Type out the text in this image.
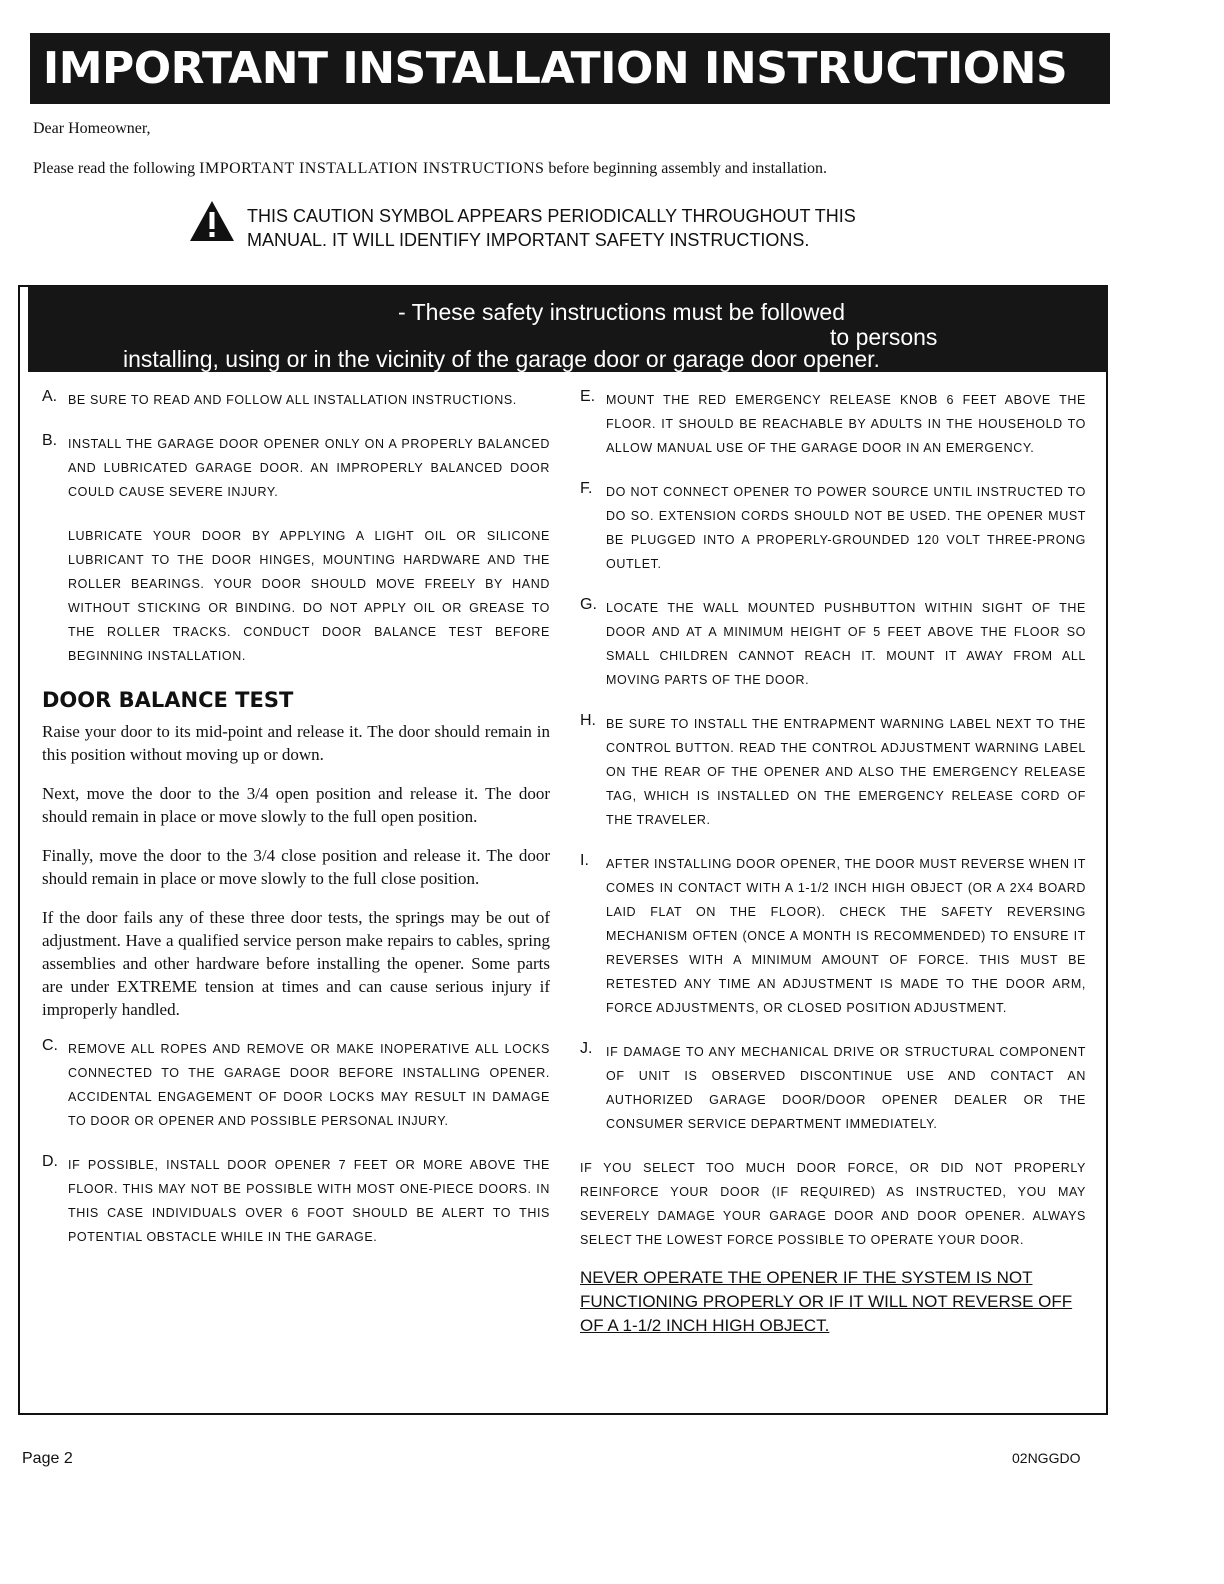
IMPORTANT INSTALLATION INSTRUCTIONS
Dear Homeowner,
Please read the following IMPORTANT INSTALLATION INSTRUCTIONS before beginning assembly and installation.
THIS CAUTION SYMBOL APPEARS PERIODICALLY THROUGHOUT THIS
MANUAL. IT WILL IDENTIFY IMPORTANT SAFETY INSTRUCTIONS.
- These safety instructions must be followed
to persons
installing, using or in the vicinity of the garage door or garage door opener.
A. BE SURE TO READ AND FOLLOW ALL INSTALLATION INSTRUCTIONS.
B. INSTALL THE GARAGE DOOR OPENER ONLY ON A PROPERLY BALANCED AND LUBRICATED GARAGE DOOR. AN IMPROPERLY BALANCED DOOR COULD CAUSE SEVERE INJURY.
LUBRICATE YOUR DOOR BY APPLYING A LIGHT OIL OR SILICONE LUBRICANT TO THE DOOR HINGES, MOUNTING HARDWARE AND THE ROLLER BEARINGS. YOUR DOOR SHOULD MOVE FREELY BY HAND WITHOUT STICKING OR BINDING. DO NOT APPLY OIL OR GREASE TO THE ROLLER TRACKS. CONDUCT DOOR BALANCE TEST BEFORE BEGINNING INSTALLATION.
DOOR BALANCE TEST

Raise your door to its mid-point and release it. The door should remain in this position without moving up or down.

Next, move the door to the 3/4 open position and release it. The door should remain in place or move slowly to the full open position.

Finally, move the door to the 3/4 close position and release it. The door should remain in place or move slowly to the full close position.

If the door fails any of these three door tests, the springs may be out of adjustment. Have a qualified service person make repairs to cables, spring assemblies and other hardware before installing the opener. Some parts are under EXTREME tension at times and can cause serious injury if improperly handled.

C. REMOVE ALL ROPES AND REMOVE OR MAKE INOPERATIVE ALL LOCKS CONNECTED TO THE GARAGE DOOR BEFORE INSTALLING OPENER. ACCIDENTAL ENGAGEMENT OF DOOR LOCKS MAY RESULT IN DAMAGE TO DOOR OR OPENER AND POSSIBLE PERSONAL INJURY.
D. IF POSSIBLE, INSTALL DOOR OPENER 7 FEET OR MORE ABOVE THE FLOOR. THIS MAY NOT BE POSSIBLE WITH MOST ONE-PIECE DOORS. IN THIS CASE INDIVIDUALS OVER 6 FOOT SHOULD BE ALERT TO THIS POTENTIAL OBSTACLE WHILE IN THE GARAGE.
E. MOUNT THE RED EMERGENCY RELEASE KNOB 6 FEET ABOVE THE FLOOR. IT SHOULD BE REACHABLE BY ADULTS IN THE HOUSEHOLD TO ALLOW MANUAL USE OF THE GARAGE DOOR IN AN EMERGENCY.
F.	DO NOT CONNECT OPENER TO POWER SOURCE UNTIL INSTRUCTED TO DO SO. EXTENSION CORDS SHOULD NOT BE USED. THE OPENER MUST BE PLUGGED INTO A PROPERLY-GROUNDED 120 VOLT THREE-PRONG OUTLET.
G. LOCATE THE WALL MOUNTED PUSHBUTTON WITHIN SIGHT OF THE DOOR AND AT A MINIMUM HEIGHT OF 5 FEET ABOVE THE FLOOR SO SMALL CHILDREN CANNOT REACH IT. MOUNT IT AWAY FROM ALL MOVING PARTS OF THE DOOR.
H. BE SURE TO INSTALL THE ENTRAPMENT WARNING LABEL NEXT TO THE CONTROL BUTTON. READ THE CONTROL ADJUSTMENT WARNING LABEL ON THE REAR OF THE OPENER AND ALSO THE EMERGENCY RELEASE TAG, WHICH IS INSTALLED ON THE EMERGENCY RELEASE CORD OF THE TRAVELER.
I.	AFTER INSTALLING DOOR OPENER, THE DOOR MUST REVERSE WHEN IT COMES IN CONTACT WITH A 1-1/2 INCH HIGH OBJECT (OR A 2X4 BOARD LAID FLAT ON THE FLOOR). CHECK THE SAFETY REVERSING MECHANISM OFTEN (ONCE A MONTH IS RECOMMENDED) TO ENSURE IT REVERSES WITH A MINIMUM AMOUNT OF FORCE. THIS MUST BE RETESTED ANY TIME AN ADJUSTMENT IS MADE TO THE DOOR ARM, FORCE ADJUSTMENTS, OR CLOSED POSITION ADJUSTMENT.
J.	IF DAMAGE TO ANY MECHANICAL DRIVE OR STRUCTURAL COMPONENT OF UNIT IS OBSERVED DISCONTINUE USE AND CONTACT AN AUTHORIZED GARAGE DOOR/DOOR OPENER DEALER OR THE CONSUMER SERVICE DEPARTMENT IMMEDIATELY.
IF YOU SELECT TOO MUCH DOOR FORCE, OR DID NOT PROPERLY REINFORCE YOUR DOOR (IF REQUIRED) AS INSTRUCTED, YOU MAY SEVERELY DAMAGE YOUR GARAGE DOOR AND DOOR OPENER. ALWAYS SELECT THE LOWEST FORCE POSSIBLE TO OPERATE YOUR DOOR.
NEVER OPERATE THE OPENER IF THE SYSTEM IS NOT FUNCTIONING PROPERLY OR IF IT WILL NOT REVERSE OFF OF A 1-1/2 INCH HIGH OBJECT.
Page 2	02NGGDO
